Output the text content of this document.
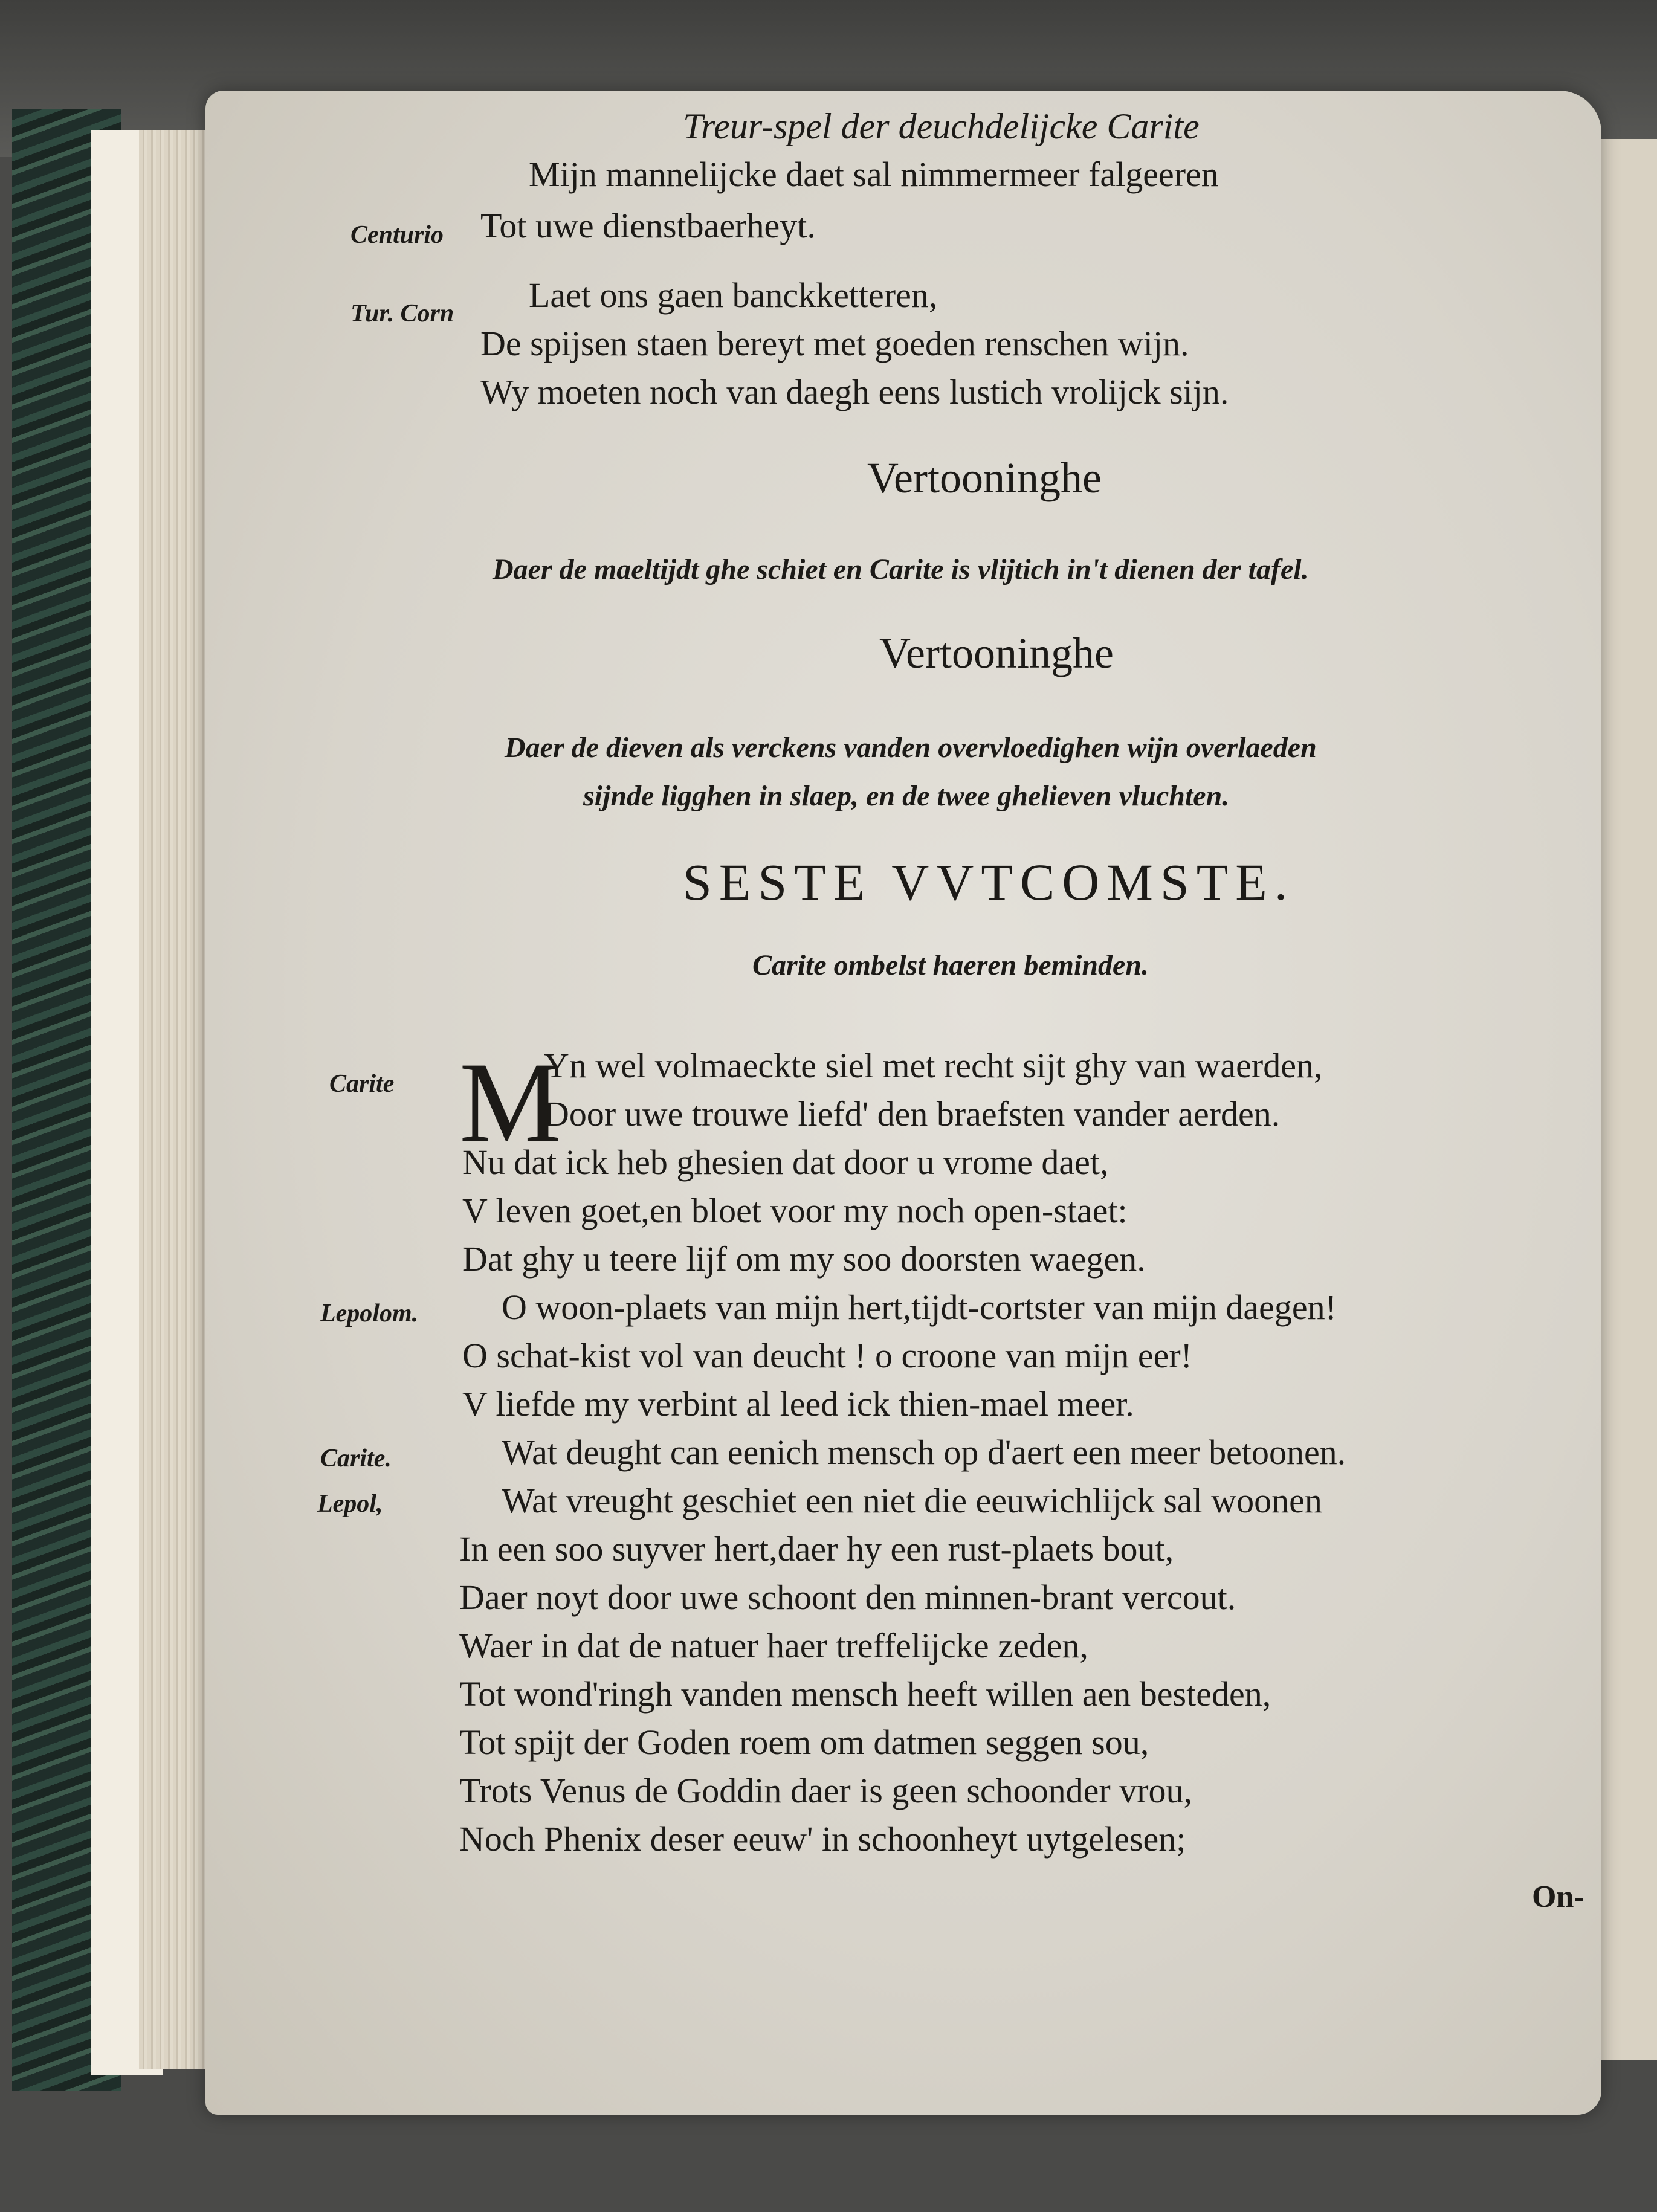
Treur-spel der deuchdelijcke Carite
Centurio
Tur. Corn
Mijn mannelijcke daet sal nimmermeer falgeeren
Tot uwe dienstbaerheyt.
Laet ons gaen banckketteren,
De spijsen staen bereyt met goeden renschen wijn.
Wy moeten noch van daegh eens lustich vrolijck sijn.
Vertooninghe
Daer de maeltijdt ghe schiet en Carite is vlijtich in't dienen der tafel.
Vertooninghe
Daer de dieven als verckens vanden overvloedighen wijn overlaeden
sijnde ligghen in slaep, en de twee ghelieven vluchten.
SESTE VVTCOMSTE.
Carite ombelst haeren beminden.
M
Carite
Lepolom.
Carite.
Lepol,
Yn wel volmaeckte siel met recht sijt ghy van waerden,
Door uwe trouwe liefd' den braefsten vander aerden.
Nu dat ick heb ghesien dat door u vrome daet,
V leven goet,en bloet voor my noch open-staet:
Dat ghy u teere lijf om my soo doorsten waegen.
O woon-plaets van mijn hert,tijdt-cortster van mijn daegen!
O schat-kist vol van deucht ! o croone van mijn eer!
V liefde my verbint al leed ick thien-mael meer.
Wat deught can eenich mensch op d'aert een meer betoonen.
Wat vreught geschiet een niet die eeuwichlijck sal woonen
In een soo suyver hert,daer hy een rust-plaets bout,
Daer noyt door uwe schoont den minnen-brant vercout.
Waer in dat de natuer haer treffelijcke zeden,
Tot wond'ringh vanden mensch heeft willen aen besteden,
Tot spijt der Goden roem om datmen seggen sou,
Trots Venus de Goddin daer is geen schoonder vrou,
Noch Phenix deser eeuw' in schoonheyt uytgelesen;
On-
